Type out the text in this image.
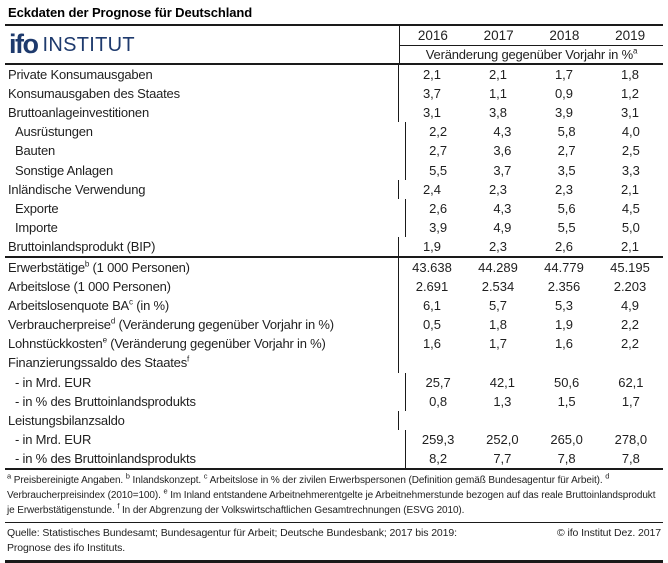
Eckdaten der Prognose für Deutschland
ifo INSTITUT	2016	2017	2018	2019
Veränderung gegenüber Vorjahr in %$^a$
Private Konsumausgaben	2,1	2,1	1,7	1,8
Konsumausgaben des Staates	3,7	1,1	0,9	1,2
Bruttoanlageinvestitionen	3,1	3,8	3,9	3,1
Ausrüstungen	2,2	4,3	5,8	4,0
Bauten	2,7	3,6	2,7	2,5
Sonstige Anlagen	5,5	3,7	3,5	3,3
Inländische Verwendung	2,4	2,3	2,3	2,1
Exporte	2,6	4,3	5,6	4,5
Importe	3,9	4,9	5,5	5,0
Bruttoinlandsprodukt (BIP)	1,9	2,3	2,6	2,1
Erwerbstätige$^b$ (1 000 Personen)	43.638	44.289	44.779	45.195
Arbeitslose (1 000 Personen)	2.691	2.534	2.356	2.203
Arbeitslosenquote $BA^c$ (in %)	6,1	5,7	5,3	4,9
Verbraucherpreise$^d$ (Veränderung gegenüber Vorjahr in %)	0,5	1,8	1,9	2,2
Lohnstückkosten$^e$ (Veränderung gegenüber Vorjahr in %)	1,6	1,7	1,6	2,2
Finanzierungssaldo des Staates$^f$
- in Mrd. EUR	25,7	42,1	50,6	62,1
- in % des Bruttoinlandsprodukts	0,8	1,3	1,5	1,7
Leistungsbilanzsaldo
- in Mrd. EUR	259,3	252,0	265,0	278,0
- in % des Bruttoinlandsprodukts	8,2	7,7	7,8	7,8
$^a$ Preisbereinigte Angaben. $^b$ Inlandskonzept. $^c$ Arbeitslose in % der zivilen Erwerbspersonen (Definition gemäß Bundesagentur für Arbeit). $^d$ Verbraucherpreisindex (2010=100). $^e$ Im Inland entstandene Arbeitnehmerentgelte je Arbeitnehmerstunde bezogen auf das reale Bruttoinlandsprodukt je Erwerbstätigenstunde. $^f$ In der Abgrenzung der Volkswirtschaftlichen Gesamtrechnungen (ESVG 2010).
Quelle: Statistisches Bundesamt; Bundesagentur für Arbeit; Deutsche Bundesbank; 2017 bis 2019: Prognose des ifo Instituts.
© ifo Institut Dez. 2017
